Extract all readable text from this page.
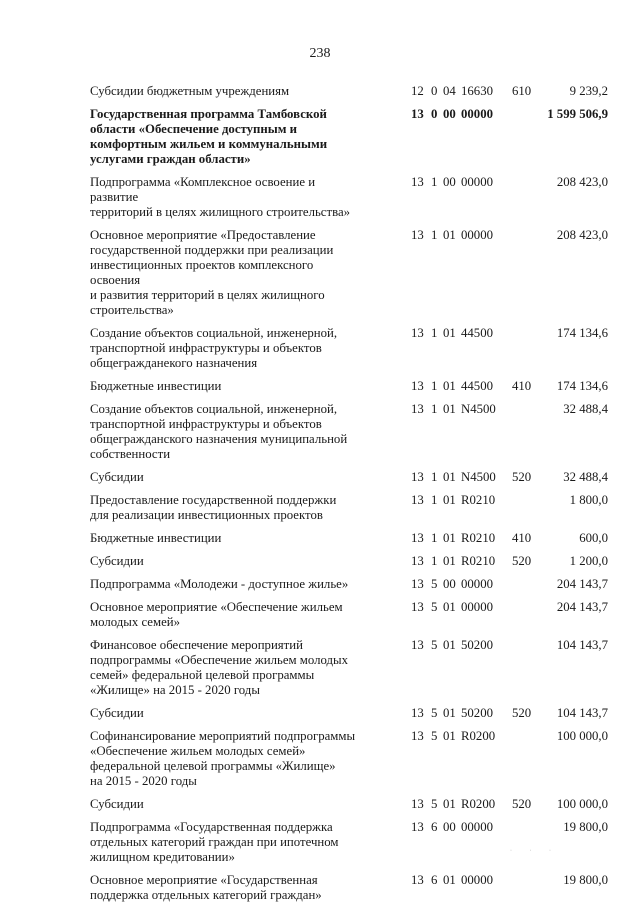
238
Субсидии бюджетным учреждениям	12 0 04 16630 610	9 239,2
Государственная программа Тамбовской
области «Обеспечение доступным и
комфортным жильем и коммунальными
услугами граждан области»
13 0 00 00000	1 599 506,9
Подпрограмма «Комплексное освоение и развитие
территорий в целях жилищного строительства»
13 1 00 00000	208 423,0
Основное мероприятие «Предоставление
государственной поддержки при реализации
инвестиционных проектов комплексного освоения
и развития территорий в целях жилищного
строительства»
13 1 01 00000	208 423,0
Создание объектов социальной, инженерной,
транспортной инфраструктуры и объектов
общегражданекого назначения
13 1 01 44500	174 134,6
Бюджетные инвестиции	13 1 01 44500 410	174 134,6
Создание объектов социальной, инженерной,
транспортной инфраструктуры и объектов
общегражданского назначения муниципальной
собственности
13 1 01 N4500	32 488,4
Субсидии	13 1 01 N4500 520	32 488,4
Предоставление государственной поддержки
для реализации инвестиционных проектов
13 1 01 R0210	1 800,0
Бюджетные инвестиции	13 1 01 R0210 410	600,0
Субсидии	13 1 01 R0210 520	1 200,0
Подпрограмма «Молодежи - доступное жилье»	13 5 00 00000	204 143,7
Основное мероприятие «Обеспечение жильем
молодых семей»
13 5 01 00000	204 143,7
Финансовое обеспечение мероприятий
подпрограммы «Обеспечение жильем молодых
семей» федеральной целевой программы
«Жилище» на 2015 - 2020 годы
13 5 01 50200	104 143,7
Субсидии	13 5 01 50200 520	104 143,7
Софинансирование мероприятий подпрограммы
«Обеспечение жильем молодых семей»
федеральной целевой программы «Жилище»
на 2015 - 2020 годы
13 5 01 R0200	100 000,0
Субсидии	13 5 01 R0200 520	100 000,0
Подпрограмма «Государственная поддержка
отдельных категорий граждан при ипотечном
жилищном кредитовании»
13 6 00 00000	19 800,0
Основное мероприятие «Государственная
поддержка отдельных категорий граждан»
13 6 01 00000	19 800,0
· · ·
